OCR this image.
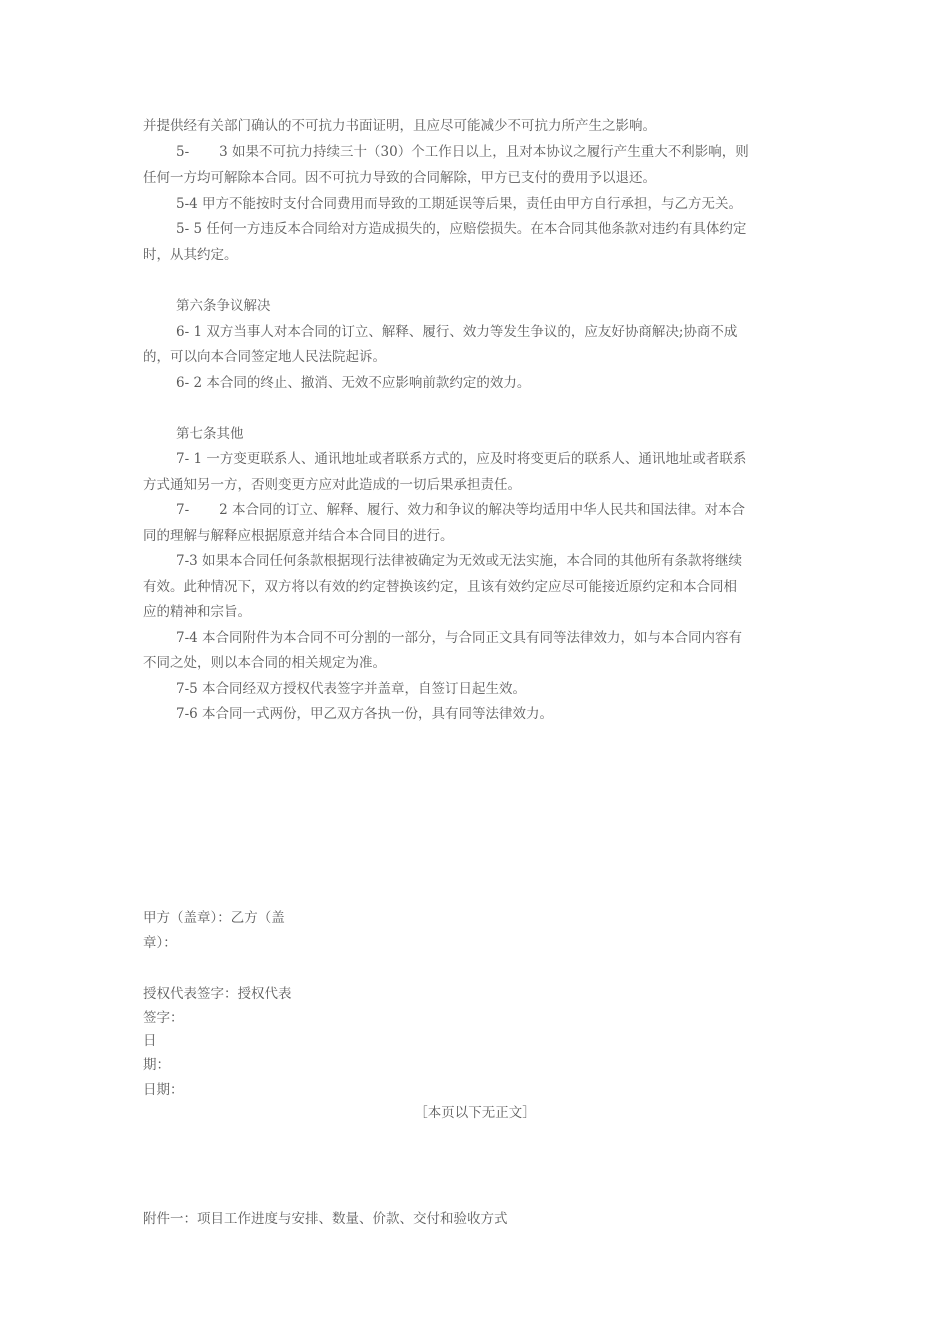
并提供经有关部门确认的不可抗力书面证明，且应尽可能减少不可抗力所产生之影响。
5- 3 如果不可抗力持续三十（30）个工作日以上，且对本协议之履行产生重大不利影响，则
任何一方均可解除本合同。因不可抗力导致的合同解除，甲方已支付的费用予以退还。
5-4 甲方不能按时支付合同费用而导致的工期延误等后果，责任由甲方自行承担，与乙方无关。
5- 5 任何一方违反本合同给对方造成损失的，应赔偿损失。在本合同其他条款对违约有具体约定
时，从其约定。
第六条争议解决
6- 1 双方当事人对本合同的订立、解释、履行、效力等发生争议的，应友好协商解决;协商不成
的，可以向本合同签定地人民法院起诉。
6- 2 本合同的终止、撤消、无效不应影响前款约定的效力。
第七条其他
7- 1 一方变更联系人、通讯地址或者联系方式的，应及时将变更后的联系人、通讯地址或者联系
方式通知另一方，否则变更方应对此造成的一切后果承担责任。
7- 2 本合同的订立、解释、履行、效力和争议的解决等均适用中华人民共和国法律。对本合
同的理解与解释应根据原意并结合本合同目的进行。
7-3 如果本合同任何条款根据现行法律被确定为无效或无法实施，本合同的其他所有条款将继续
有效。此种情况下，双方将以有效的约定替换该约定，且该有效约定应尽可能接近原约定和本合同相
应的精神和宗旨。
7-4 本合同附件为本合同不可分割的一部分，与合同正文具有同等法律效力，如与本合同内容有
不同之处，则以本合同的相关规定为准。
7-5 本合同经双方授权代表签字并盖章，自签订日起生效。
7-6 本合同一式两份，甲乙双方各执一份，具有同等法律效力。
甲方（盖章）：乙方（盖
章）：
授权代表签字：授权代表
签字：
日
期：
日期：
［本页以下无正文］
附件一：项目工作进度与安排、数量、价款、交付和验收方式
